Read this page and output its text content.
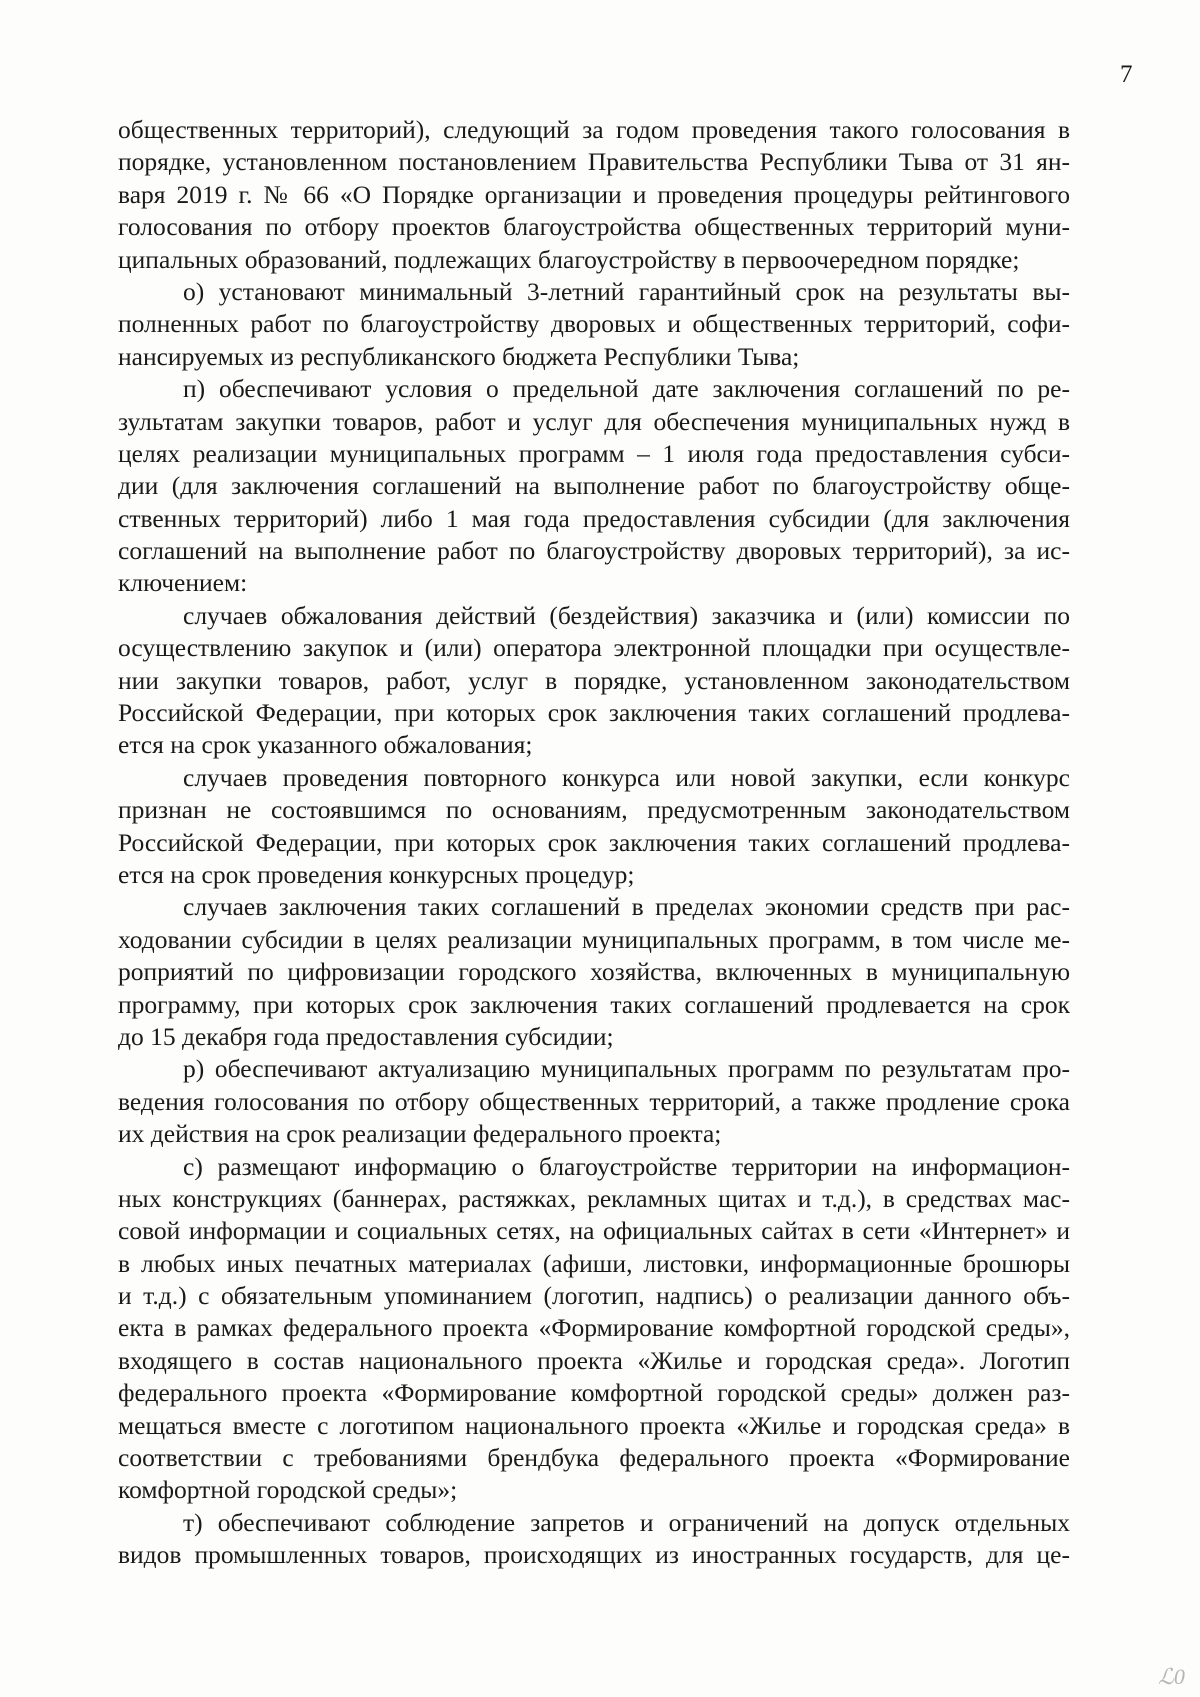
7
общественных территорий), следующий за годом проведения такого голосования в
порядке, установленном постановлением Правительства Республики Тыва от 31 ян-
варя 2019 г. № 66 «О Порядке организации и проведения процедуры рейтингового
голосования по отбору проектов благоустройства общественных территорий муни-
ципальных образований, подлежащих благоустройству в первоочередном порядке;
о) установают минимальный 3-летний гарантийный срок на результаты вы-
полненных работ по благоустройству дворовых и общественных территорий, софи-
нансируемых из республиканского бюджета Республики Тыва;
п) обеспечивают условия о предельной дате заключения соглашений по ре-
зультатам закупки товаров, работ и услуг для обеспечения муниципальных нужд в
целях реализации муниципальных программ – 1 июля года предоставления субси-
дии (для заключения соглашений на выполнение работ по благоустройству обще-
ственных территорий) либо 1 мая года предоставления субсидии (для заключения
соглашений на выполнение работ по благоустройству дворовых территорий), за ис-
ключением:
случаев обжалования действий (бездействия) заказчика и (или) комиссии по
осуществлению закупок и (или) оператора электронной площадки при осуществле-
нии закупки товаров, работ, услуг в порядке, установленном законодательством
Российской Федерации, при которых срок заключения таких соглашений продлева-
ется на срок указанного обжалования;
случаев проведения повторного конкурса или новой закупки, если конкурс
признан не состоявшимся по основаниям, предусмотренным законодательством
Российской Федерации, при которых срок заключения таких соглашений продлева-
ется на срок проведения конкурсных процедур;
случаев заключения таких соглашений в пределах экономии средств при рас-
ходовании субсидии в целях реализации муниципальных программ, в том числе ме-
роприятий по цифровизации городского хозяйства, включенных в муниципальную
программу, при которых срок заключения таких соглашений продлевается на срок
до 15 декабря года предоставления субсидии;
р) обеспечивают актуализацию муниципальных программ по результатам про-
ведения голосования по отбору общественных территорий, а также продление срока
их действия на срок реализации федерального проекта;
с) размещают информацию о благоустройстве территории на информацион-
ных конструкциях (баннерах, растяжках, рекламных щитах и т.д.), в средствах мас-
совой информации и социальных сетях, на официальных сайтах в сети «Интернет» и
в любых иных печатных материалах (афиши, листовки, информационные брошюры
и т.д.) с обязательным упоминанием (логотип, надпись) о реализации данного объ-
екта в рамках федерального проекта «Формирование комфортной городской среды»,
входящего в состав национального проекта «Жилье и городская среда». Логотип
федерального проекта «Формирование комфортной городской среды» должен раз-
мещаться вместе с логотипом национального проекта «Жилье и городская среда» в
соответствии с требованиями брендбука федерального проекта «Формирование
комфортной городской среды»;
т) обеспечивают соблюдение запретов и ограничений на допуск отдельных
видов промышленных товаров, происходящих из иностранных государств, для це-
ℒ0
